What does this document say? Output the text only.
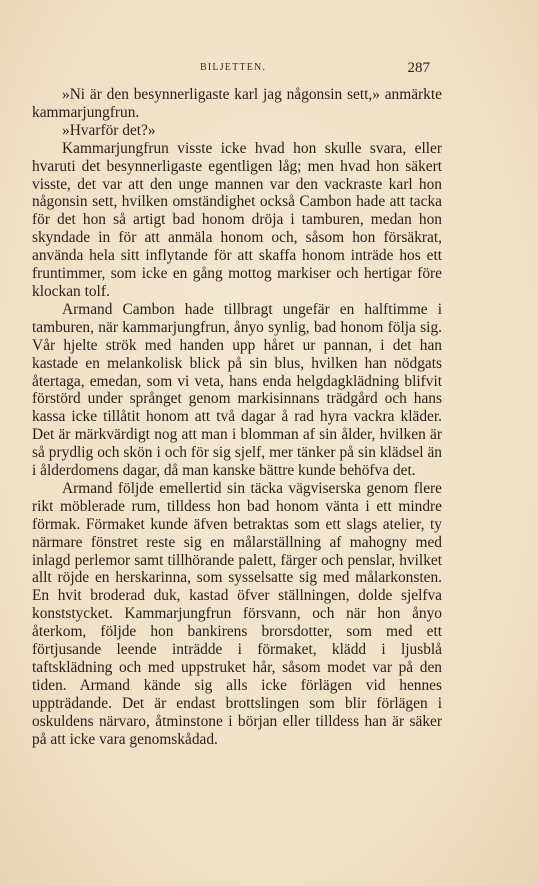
BILJETTEN.	287

»Ni är den besynnerligaste karl jag någonsin sett,» anmärkte kammarjungfrun.

»Hvarför det?»

Kammarjungfrun visste icke hvad hon skulle svara, eller hvaruti det besynnerligaste egentligen låg; men hvad hon säkert visste, det var att den unge mannen var den vackraste karl hon någonsin sett, hvilken omständighet också Cambon hade att tacka för det hon så artigt bad honom dröja i tamburen, medan hon skyndade in för att anmäla honom och, såsom hon försäkrat, använda hela sitt inflytande för att skaffa honom inträde hos ett fruntimmer, som icke en gång mottog markiser och hertigar före klockan tolf.

Armand Cambon hade tillbragt ungefär en halftimme i tamburen, när kammarjungfrun, ånyo synlig, bad honom följa sig. Vår hjelte strök med handen upp håret ur pannan, i det han kastade en melankolisk blick på sin blus, hvilken han nödgats återtaga, emedan, som vi veta, hans enda helgdagklädning blifvit förstörd under språnget genom markisinnans trädgård och hans kassa icke tillåtit honom att två dagar å rad hyra vackra kläder. Det är märkvärdigt nog att man i blomman af sin ålder, hvilken är så prydlig och skön i och för sig sjelf, mer tänker på sin klädsel än i ålderdomens dagar, då man kanske bättre kunde behöfva det.

Armand följde emellertid sin täcka vägviserska genom flere rikt möblerade rum, tilldess hon bad honom vänta i ett mindre förmak. Förmaket kunde äfven betraktas som ett slags atelier, ty närmare fönstret reste sig en målarställning af mahogny med inlagd perlemor samt tillhörande palett, färger och penslar, hvilket allt röjde en herskarinna, som sysselsatte sig med målarkonsten. En hvit broderad duk, kastad öfver ställningen, dolde sjelfva konststycket. Kammarjungfrun försvann, och när hon ånyo återkom, följde hon bankirens brorsdotter, som med ett förtjusande leende inträdde i förmaket, klädd i ljusblå taftsklädning och med uppstruket hår, såsom modet var på den tiden. Armand kände sig alls icke förlägen vid hennes uppträdande. Det är endast brottslingen som blir förlägen i oskuldens närvaro, åtminstone i början eller tilldess han är säker på att icke vara genomskådad.
